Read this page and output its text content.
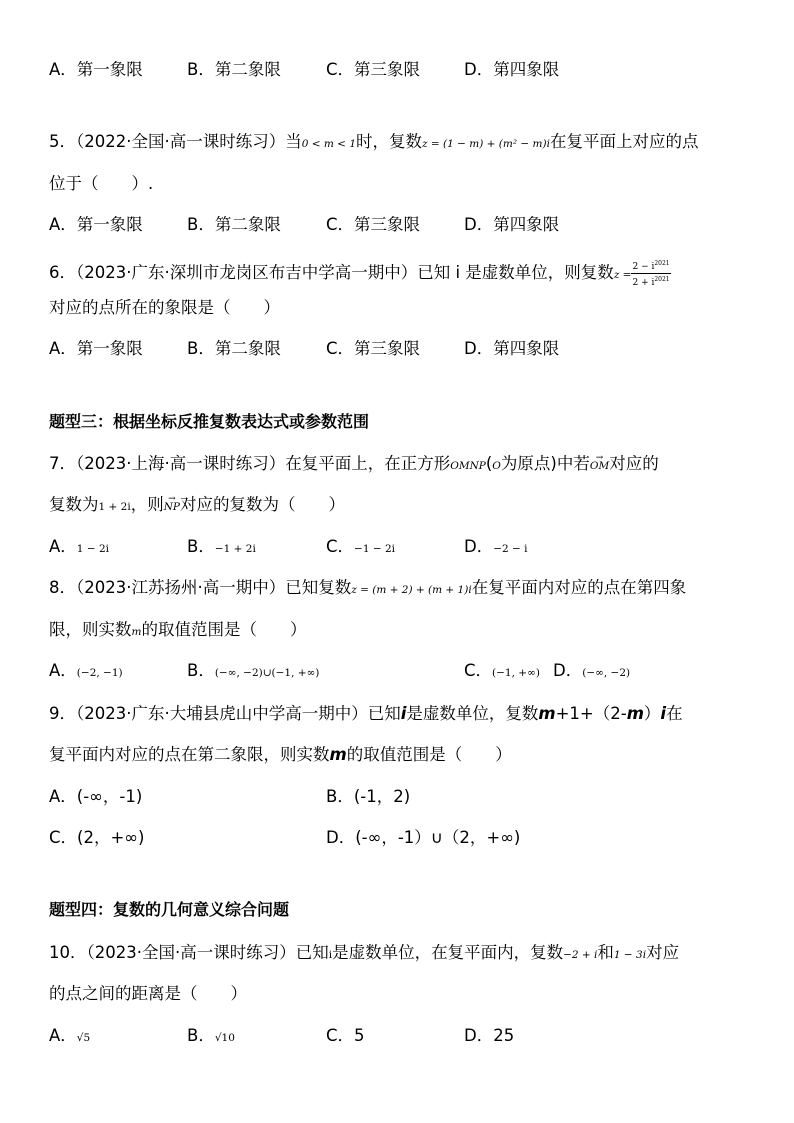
A．第一象限	B．第二象限	C．第三象限	D．第四象限
5．（2022·全国·高一课时练习）当0 < m < 1时，复数z = (1 − m) + (m² − m)i在复平面上对应的点
位于（　　）.
A．第一象限	B．第二象限	C．第三象限	D．第四象限
6．（2023·广东·深圳市龙岗区布吉中学高一期中）已知 i 是虚数单位，则复数$z = \frac{2 - i^{2021}}{2 + i^{2021}}$
对应的点所在的象限是（　　）
A．第一象限	B．第二象限	C．第三象限	D．第四象限
题型三：根据坐标反推复数表达式或参数范围
7．（2023·上海·高一课时练习）在复平面上，在正方形OMNP(O为原点)中若→ OM对应的
复数为1 + 2i，则→ NP对应的复数为（　　）
A．1 − 2i	B．−1 + 2i	C．−1 − 2i	D．−2 − i
8．（2023·江苏扬州·高一期中）已知复数z = (m + 2) + (m + 1)i在复平面内对应的点在第四象
限，则实数m的取值范围是（　　）
A．(−2, −1)	B．(−∞, −2)∪(−1, +∞)	C．(−1, +∞) D．(−∞, −2)
9．（2023·广东·大埔县虎山中学高一期中）已知i是虚数单位，复数m+1+（2-m）i在
复平面内对应的点在第二象限，则实数m的取值范围是（　　）
A．(-∞，-1)	B．(-1，2)
C．(2，+∞)	D．(-∞，-1）∪（2，+∞)
题型四：复数的几何意义综合问题
10．（2023·全国·高一课时练习）已知i是虚数单位，在复平面内，复数−2 + i和1 − 3i对应
的点之间的距离是（　　）
A．√5	B．√10	C．5	D．25
